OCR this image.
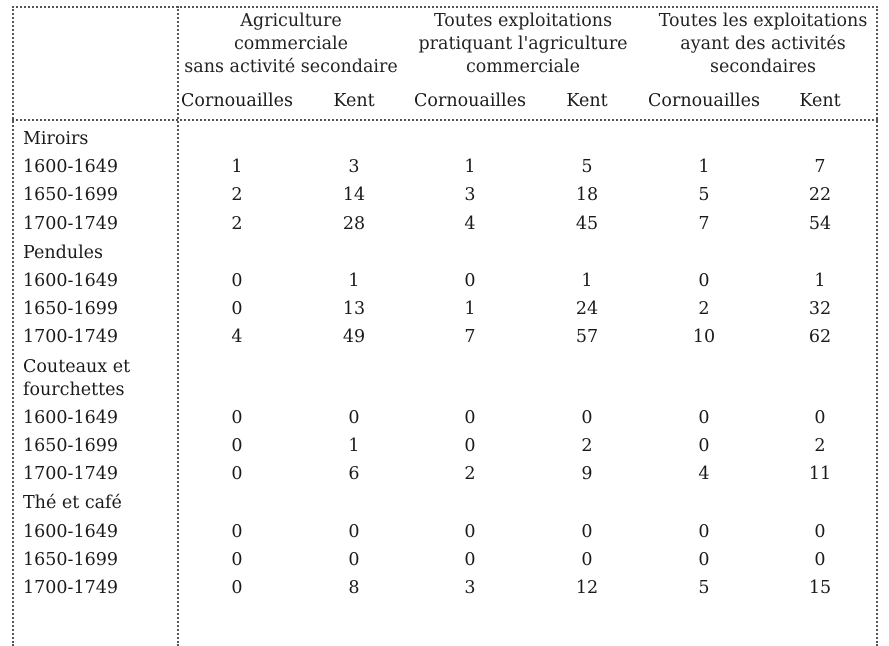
Agriculture commerciale
sans activité secondaire
Toutes exploitations
pratiquant l'agriculture
commerciale
Toutes les exploitations
ayant des activités
secondaires
Cornouailles Kent Cornouailles Kent Cornouailles Kent
Miroirs
1600-1649	1	3	1	5	1	7
1650-1699	2	14	3	18	5	22
1700-1749	2	28	4	45	7	54
Pendules
1600-1649	0	1	0	1	0	1
1650-1699	0	13	1	24	2	32
1700-1749	4	49	7	57	10	62
Couteaux et
fourchettes
1600-1649	0	0	0	0	0	0
1650-1699	0	1	0	2	0	2
1700-1749	0	6	2	9	4	11
Thé et café
1600-1649	0	0	0	0	0	0
1650-1699	0	0	0	0	0	0
1700-1749	0	8	3	12	5	15
